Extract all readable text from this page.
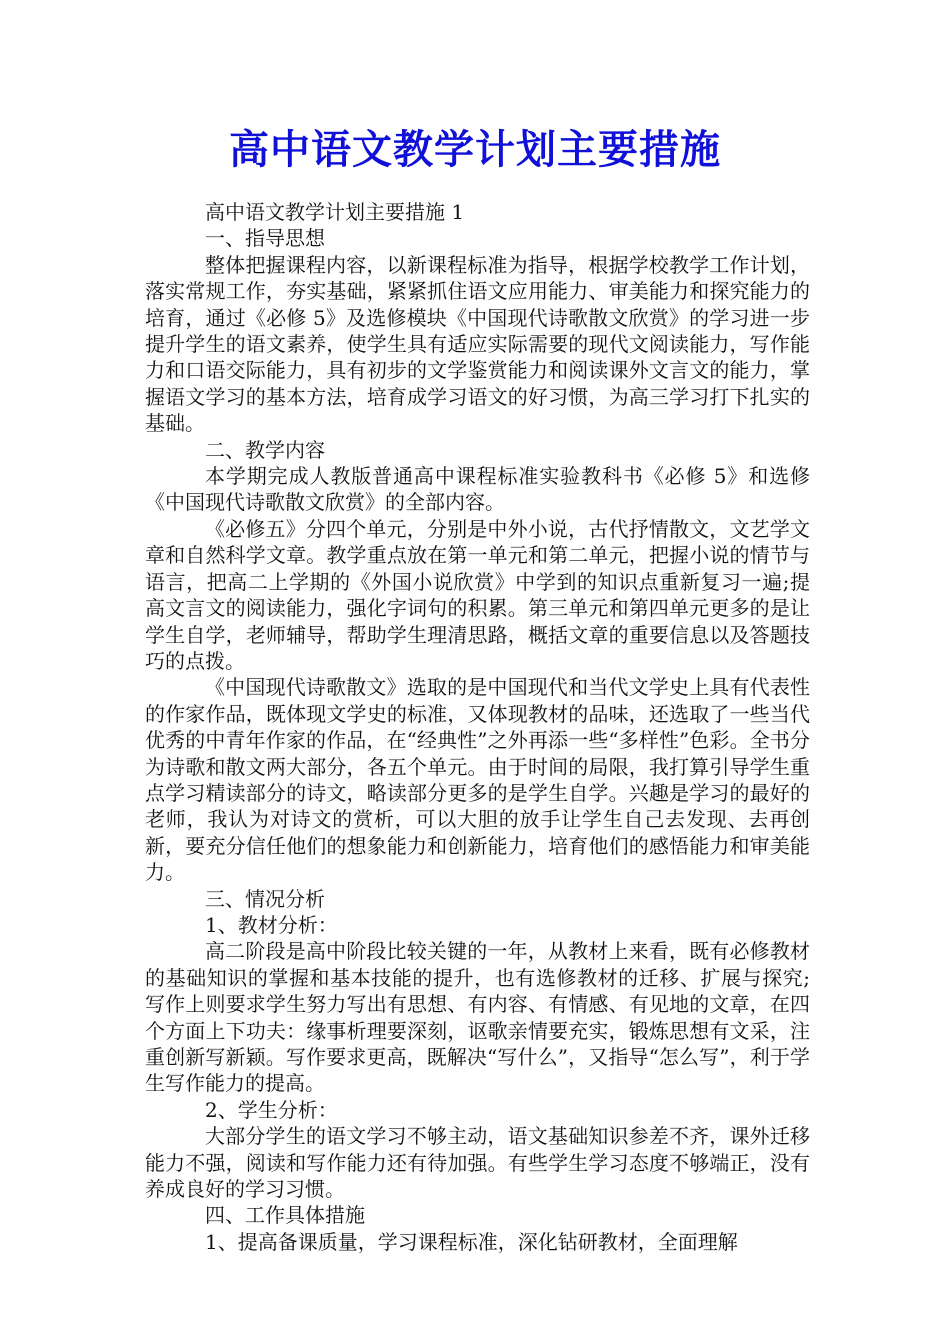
高中语文教学计划主要措施

高中语文教学计划主要措施 1

一、指导思想

整体把握课程内容，以新课程标准为指导，根据学校教学工作计划，落实常规工作，夯实基础，紧紧抓住语文应用能力、审美能力和探究能力的培育，通过《必修 5》及选修模块《中国现代诗歌散文欣赏》的学习进一步提升学生的语文素养，使学生具有适应实际需要的现代文阅读能力，写作能力和口语交际能力，具有初步的文学鉴赏能力和阅读课外文言文的能力，掌握语文学习的基本方法，培育成学习语文的好习惯，为高三学习打下扎实的基础。

二、教学内容

本学期完成人教版普通高中课程标准实验教科书《必修 5》和选修《中国现代诗歌散文欣赏》的全部内容。

《必修五》分四个单元，分别是中外小说，古代抒情散文，文艺学文章和自然科学文章。教学重点放在第一单元和第二单元，把握小说的情节与语言，把高二上学期的《外国小说欣赏》中学到的知识点重新复习一遍;提高文言文的阅读能力，强化字词句的积累。第三单元和第四单元更多的是让学生自学，老师辅导，帮助学生理清思路，概括文章的重要信息以及答题技巧的点拨。

《中国现代诗歌散文》选取的是中国现代和当代文学史上具有代表性的作家作品，既体现文学史的标准，又体现教材的品味，还选取了一些当代优秀的中青年作家的作品，在“经典性”之外再添一些“多样性”色彩。全书分为诗歌和散文两大部分，各五个单元。由于时间的局限，我打算引导学生重点学习精读部分的诗文，略读部分更多的是学生自学。兴趣是学习的最好的老师，我认为对诗文的赏析，可以大胆的放手让学生自己去发现、去再创新，要充分信任他们的想象能力和创新能力，培育他们的感悟能力和审美能力。

三、情况分析

1、教材分析：

高二阶段是高中阶段比较关键的一年，从教材上来看，既有必修教材的基础知识的掌握和基本技能的提升，也有选修教材的迁移、扩展与探究;写作上则要求学生努力写出有思想、有内容、有情感、有见地的文章，在四个方面上下功夫：缘事析理要深刻，讴歌亲情要充实，锻炼思想有文采，注重创新写新颖。写作要求更高，既解决“写什么”，又指导“怎么写”，利于学生写作能力的提高。

2、学生分析：

大部分学生的语文学习不够主动，语文基础知识参差不齐，课外迁移能力不强，阅读和写作能力还有待加强。有些学生学习态度不够端正，没有养成良好的学习习惯。

四、工作具体措施

1、提高备课质量，学习课程标准，深化钻研教材，全面理解
